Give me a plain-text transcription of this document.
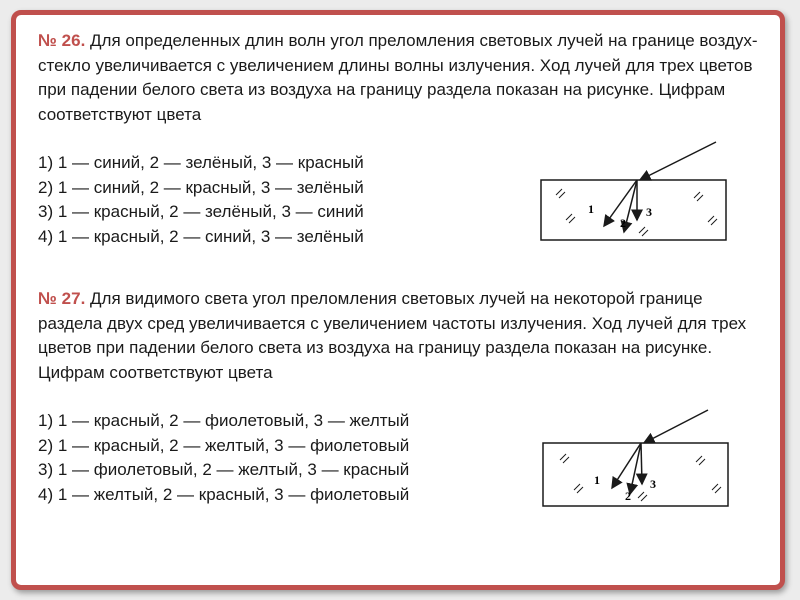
№ 26. Для определенных длин волн угол преломления световых лучей на границе воздух-стекло увеличивается с увеличением длины волны излучения. Ход лучей для трех цветов при падении белого света из воздуха на границу раздела показан на рисунке. Цифрам соответствуют цвета

1) 1 — синий, 2 — зелёный, 3 — красный
2) 1 — синий, 2 — красный, 3 — зелёный
3) 1 — красный, 2 — зелёный, 3 — синий
4) 1 — красный, 2 — синий, 3 — зелёный

№ 27. Для видимого света угол преломления световых лучей на некоторой границе раздела двух сред увеличивается с увеличением частоты излучения. Ход лучей для трех цветов при падении белого света из воздуха на границу раздела показан на рисунке. Цифрам соответствуют цвета

1) 1 — красный, 2 — фиолетовый, 3 — желтый
2) 1 — красный, 2 — желтый, 3 — фиолетовый
3) 1 — фиолетовый, 2 — желтый, 3 — красный
4) 1 — желтый, 2 — красный, 3 — фиолетовый
1
2
3
1
2
3
